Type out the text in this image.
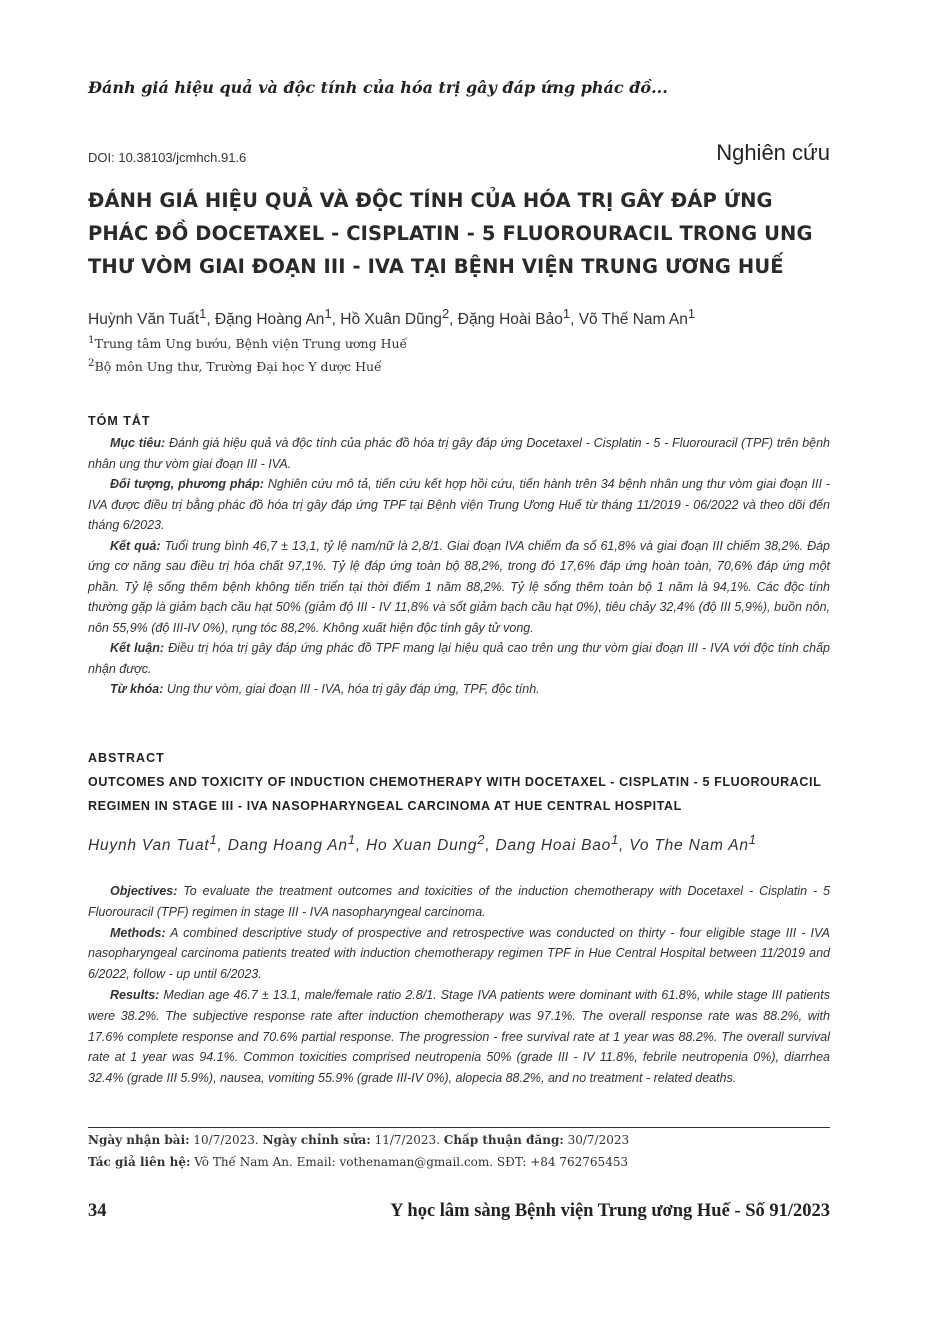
Đánh giá hiệu quả và độc tính của hóa trị gây đáp ứng phác đồ...
DOI: 10.38103/jcmhch.91.6	Nghiên cứu
ĐÁNH GIÁ HIỆU QUẢ VÀ ĐỘC TÍNH CỦA HÓA TRỊ GÂY ĐÁP ỨNG PHÁC ĐỒ DOCETAXEL - CISPLATIN - 5 FLUOROURACIL TRONG UNG THƯ VÒM GIAI ĐOẠN III - IVA TẠI BỆNH VIỆN TRUNG ƯƠNG HUẾ
Huỳnh Văn Tuất$^1$, Đặng Hoàng An$^1$, Hồ Xuân Dũng$^2$, Đặng Hoài Bảo$^1$, Võ Thế Nam An$^1$
$^1$Trung tâm Ung bướu, Bệnh viện Trung ương Huế
$^2$Bộ môn Ung thư, Trường Đại học Y dược Huế
TÓM TẮT

Mục tiêu: Đánh giá hiệu quả và độc tính của phác đồ hóa trị gây đáp ứng Docetaxel - Cisplatin - 5 - Fluorouracil (TPF) trên bệnh nhân ung thư vòm giai đoạn III - IVA.

Đối tượng, phương pháp: Nghiên cứu mô tả, tiến cứu kết hợp hồi cứu, tiến hành trên 34 bệnh nhân ung thư vòm giai đoạn III - IVA được điều trị bằng phác đồ hóa trị gây đáp ứng TPF tại Bệnh viện Trung Ương Huế từ tháng 11/2019 - 06/2022 và theo dõi đến tháng 6/2023.

Kết quả: Tuổi trung bình 46,7 ± 13,1, tỷ lệ nam/nữ là 2,8/1. Giai đoạn IVA chiếm đa số 61,8% và giai đoạn III chiếm 38,2%. Đáp ứng cơ năng sau điều trị hóa chất 97,1%. Tỷ lệ đáp ứng toàn bộ 88,2%, trong đó 17,6% đáp ứng hoàn toàn, 70,6% đáp ứng một phần. Tỷ lệ sống thêm bệnh không tiến triển tại thời điểm 1 năm 88,2%. Tỷ lệ sống thêm toàn bộ 1 năm là 94,1%. Các độc tính thường gặp là giảm bạch cầu hạt 50% (giảm độ III - IV 11,8% và sốt giảm bạch cầu hạt 0%), tiêu chảy 32,4% (độ III 5,9%), buồn nôn, nôn 55,9% (độ III-IV 0%), rụng tóc 88,2%. Không xuất hiện độc tính gây tử vong.

Kết luận: Điều trị hóa trị gây đáp ứng phác đồ TPF mang lại hiệu quả cao trên ung thư vòm giai đoạn III - IVA với độc tính chấp nhận được.

Từ khóa: Ung thư vòm, giai đoạn III - IVA, hóa trị gây đáp ứng, TPF, độc tính.

ABSTRACT
OUTCOMES AND TOXICITY OF INDUCTION CHEMOTHERAPY WITH DOCETAXEL - CISPLATIN - 5 FLUOROURACIL REGIMEN IN STAGE III - IVA NASOPHARYNGEAL CARCINOMA AT HUE CENTRAL HOSPITAL
Huynh Van Tuat$^1$, Dang Hoang An$^1$, Ho Xuan Dung$^2$, Dang Hoai Bao$^1$, Vo The Nam An$^1$

Objectives: To evaluate the treatment outcomes and toxicities of the induction chemotherapy with Docetaxel - Cisplatin - 5 Fluorouracil (TPF) regimen in stage III - IVA nasopharyngeal carcinoma.

Methods: A combined descriptive study of prospective and retrospective was conducted on thirty - four eligible stage III - IVA nasopharyngeal carcinoma patients treated with induction chemotherapy regimen TPF in Hue Central Hospital between 11/2019 and 6/2022, follow - up until 6/2023.

Results: Median age 46.7 ± 13.1, male/female ratio 2.8/1. Stage IVA patients were dominant with 61.8%, while stage III patients were 38.2%. The subjective response rate after induction chemotherapy was 97.1%. The overall response rate was 88.2%, with 17.6% complete response and 70.6% partial response. The progression - free survival rate at 1 year was 88.2%. The overall survival rate at 1 year was 94.1%. Common toxicities comprised neutropenia 50% (grade III - IV 11.8%, febrile neutropenia 0%), diarrhea 32.4% (grade III 5.9%), nausea, vomiting 55.9% (grade III-IV 0%), alopecia 88.2%, and no treatment - related deaths.

Ngày nhận bài: 10/7/2023. Ngày chỉnh sửa: 11/7/2023. Chấp thuận đăng: 30/7/2023
Tác giả liên hệ: Võ Thế Nam An. Email: vothenaman@gmail.com. SĐT: +84 762765453
34	Y học lâm sàng Bệnh viện Trung ương Huế - Số 91/2023
